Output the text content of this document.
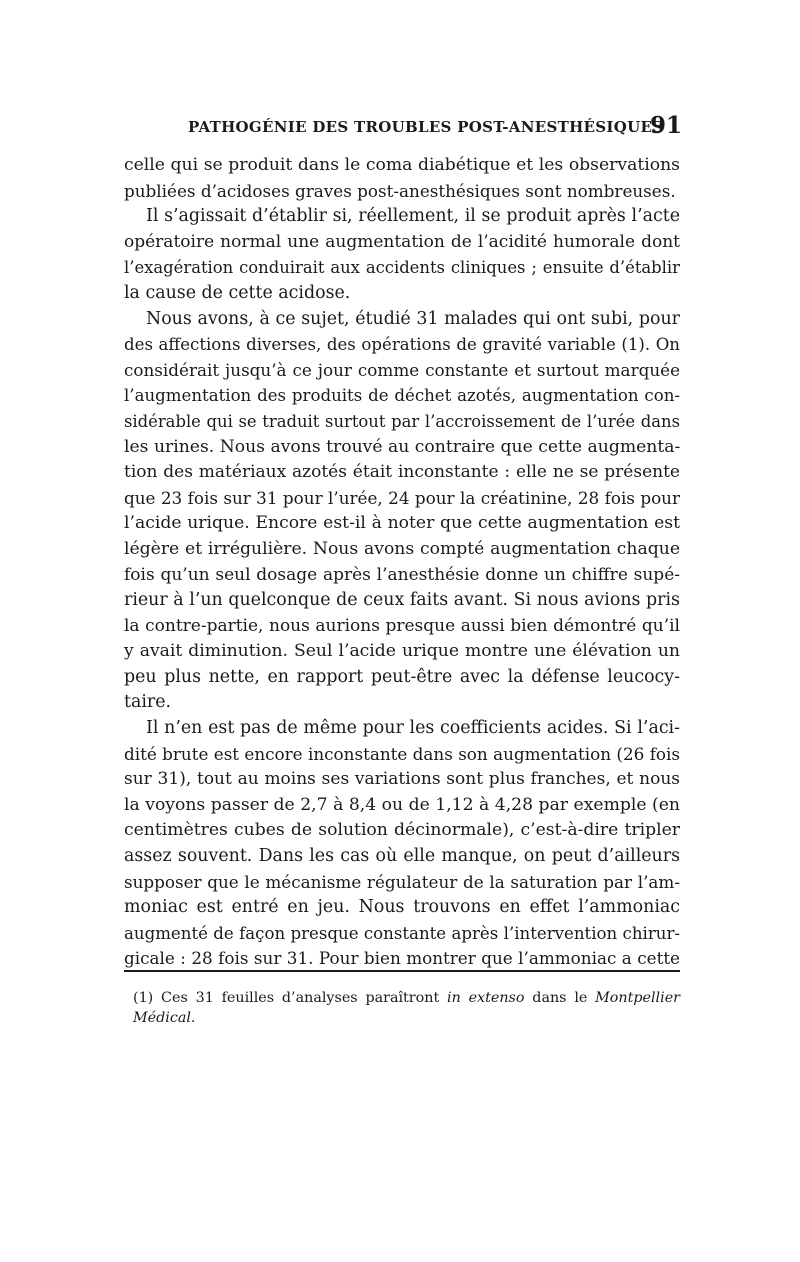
PATHOGÉNIE DES TROUBLES POST-ANESTHÉSIQUES
91
celle qui se produit dans le coma diabétique et les observations
publiées d’acidoses graves post-anesthésiques sont nombreuses.
Il s’agissait d’établir si, réellement, il se produit après l’acte
opératoire normal une augmentation de l’acidité humorale dont
l’exagération conduirait aux accidents cliniques ; ensuite d’établir
la cause de cette acidose.
Nous avons, à ce sujet, étudié 31 malades qui ont subi, pour
des affections diverses, des opérations de gravité variable (1). On
considérait jusqu’à ce jour comme constante et surtout marquée
l’augmentation des produits de déchet azotés, augmentation con-
sidérable qui se traduit surtout par l’accroissement de l’urée dans
les urines. Nous avons trouvé au contraire que cette augmenta-
tion des matériaux azotés était inconstante : elle ne se présente
que 23 fois sur 31 pour l’urée, 24 pour la créatinine, 28 fois pour
l’acide urique. Encore est-il à noter que cette augmentation est
légère et irrégulière. Nous avons compté augmentation chaque
fois qu’un seul dosage après l’anesthésie donne un chiffre supé-
rieur à l’un quelconque de ceux faits avant. Si nous avions pris
la contre-partie, nous aurions presque aussi bien démontré qu’il
y avait diminution. Seul l’acide urique montre une élévation un
peu plus nette, en rapport peut-être avec la défense leucocy-
taire.
Il n’en est pas de même pour les coefficients acides. Si l’aci-
dité brute est encore inconstante dans son augmentation (26 fois
sur 31), tout au moins ses variations sont plus franches, et nous
la voyons passer de 2,7 à 8,4 ou de 1,12 à 4,28 par exemple (en
centimètres cubes de solution décinormale), c’est-à-dire tripler
assez souvent. Dans les cas où elle manque, on peut d’ailleurs
supposer que le mécanisme régulateur de la saturation par l’am-
moniac est entré en jeu. Nous trouvons en effet l’ammoniac
augmenté de façon presque constante après l’intervention chirur-
gicale : 28 fois sur 31. Pour bien montrer que l’ammoniac a cette
(1) Ces 31 feuilles d’analyses paraîtront in extenso dans le Montpellier
Médical.
